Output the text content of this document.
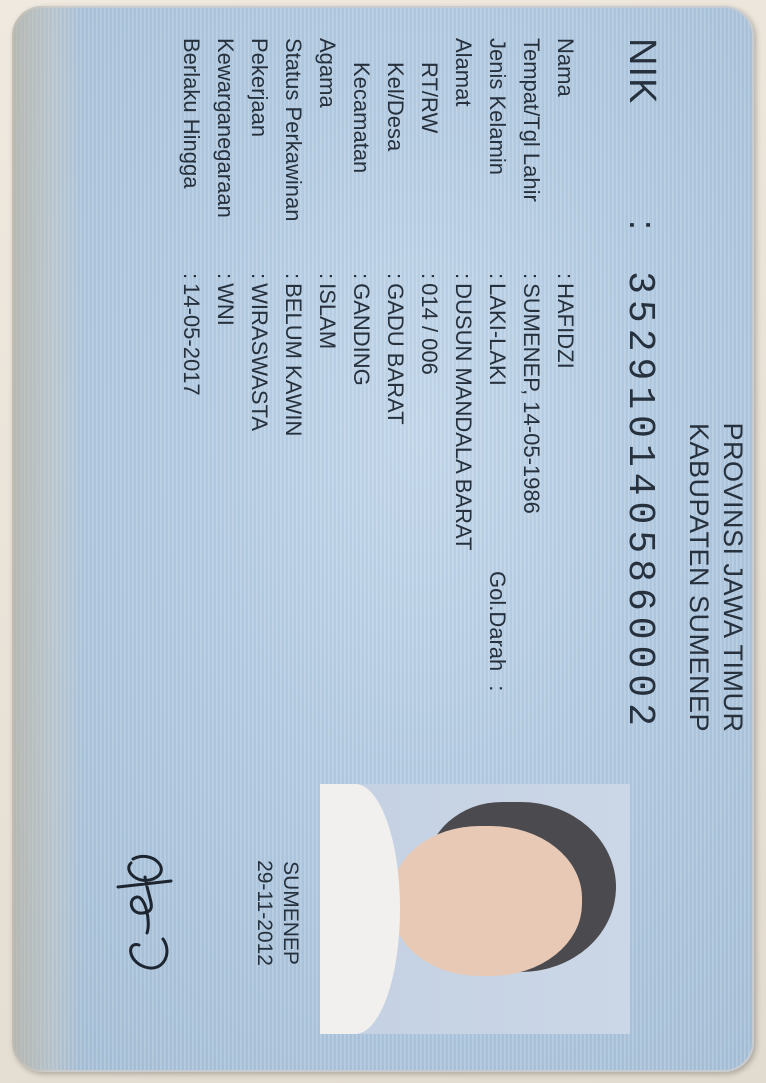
PROVINSI JAWA TIMUR
KABUPATEN SUMENEP
NIK : 3529101405860002
Nama: HAFIDZI
Tempat/Tgl Lahir: SUMENEP, 14-05-1986
Jenis Kelamin: LAKI-LAKI
Alamat: DUSUN MANDALA BARAT
RT/RW: 014 / 006
Kel/Desa: GADU BARAT
Kecamatan: GANDING
Agama: ISLAM
Status Perkawinan: BELUM KAWIN
Pekerjaan: WIRASWASTA
Kewarganegaraan: WNI
Berlaku Hingga: 14-05-2017
Gol.Darah:
SUMENEP
29-11-2012
